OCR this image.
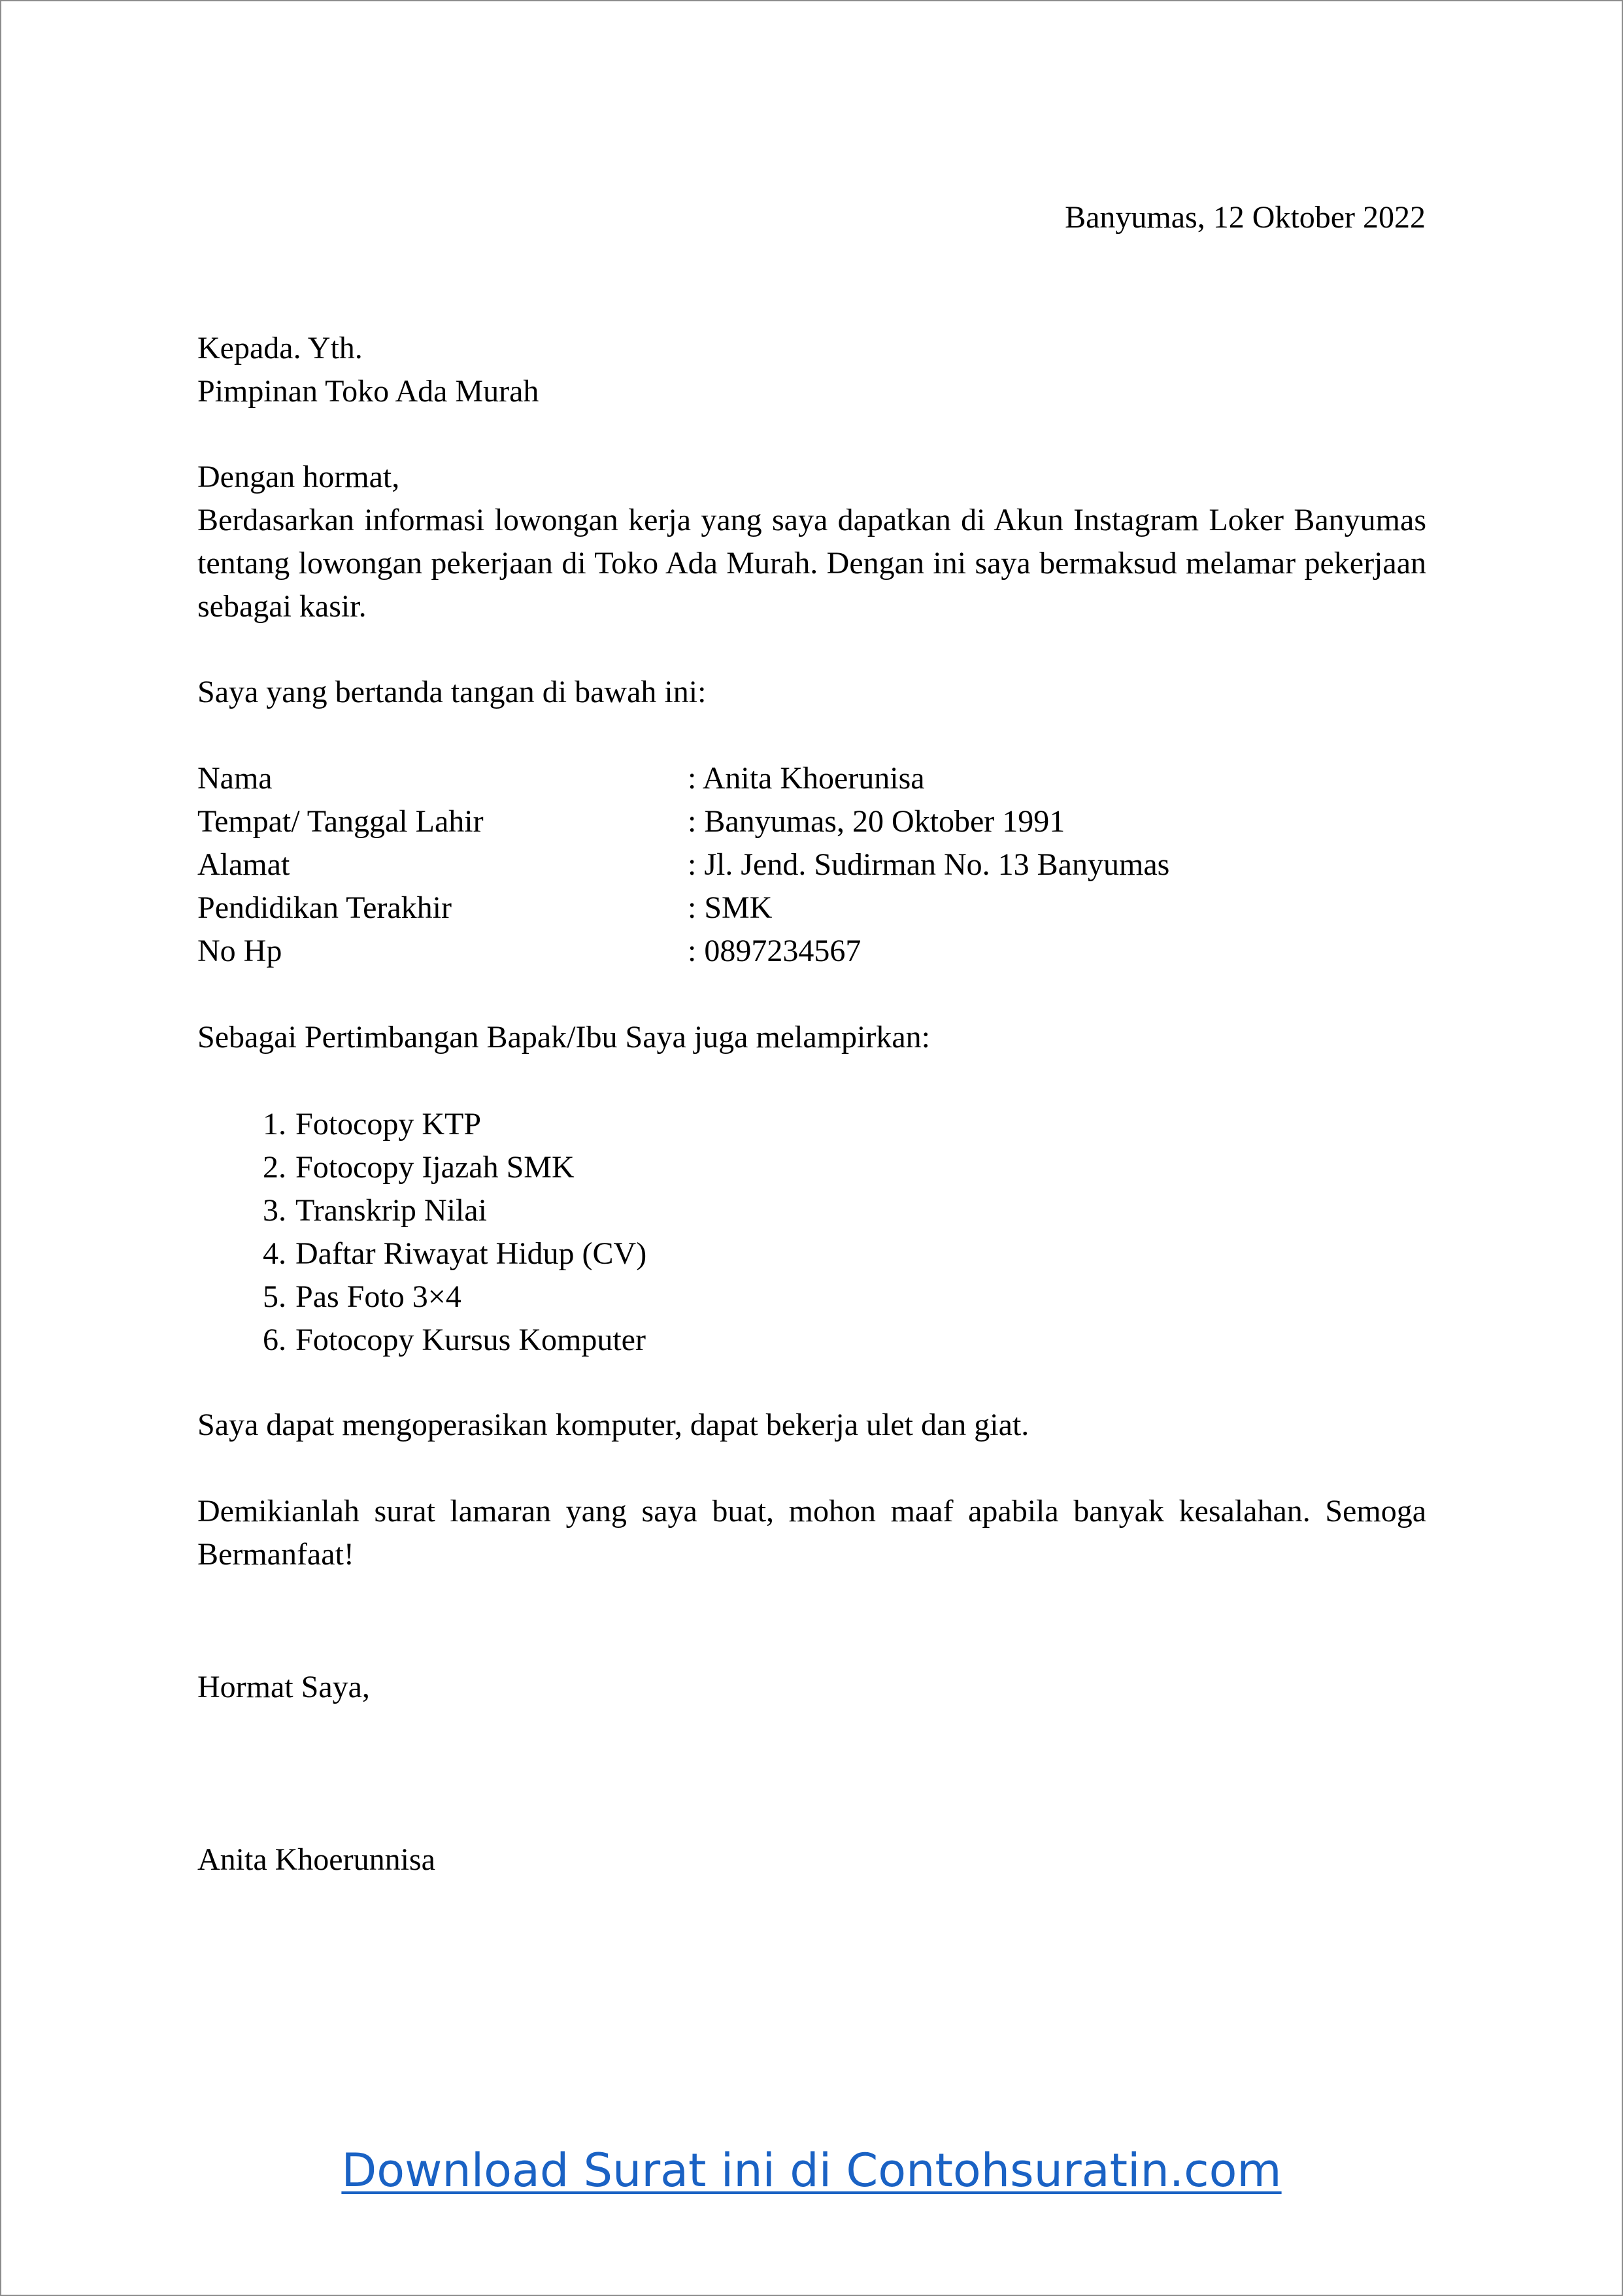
Banyumas, 12 Oktober 2022

Kepada. Yth.
Pimpinan Toko Ada Murah

Dengan hormat,

Berdasarkan informasi lowongan kerja yang saya dapatkan di Akun Instagram Loker Banyumas tentang lowongan pekerjaan di Toko Ada Murah. Dengan ini saya bermaksud melamar pekerjaan sebagai kasir.

Saya yang bertanda tangan di bawah ini:

Nama	: Anita Khoerunisa
Tempat/ Tanggal Lahir	: Banyumas, 20 Oktober 1991
Alamat	: Jl. Jend. Sudirman No. 13 Banyumas
Pendidikan Terakhir	: SMK
No Hp	: 0897234567

Sebagai Pertimbangan Bapak/Ibu Saya juga melampirkan:

1. Fotocopy KTP
2. Fotocopy Ijazah SMK
3. Transkrip Nilai
4. Daftar Riwayat Hidup (CV)
5. Pas Foto 3×4
6. Fotocopy Kursus Komputer

Saya dapat mengoperasikan komputer, dapat bekerja ulet dan giat.

Demikianlah surat lamaran yang saya buat, mohon maaf apabila banyak kesalahan. Semoga Bermanfaat!

Hormat Saya,

Anita Khoerunnisa

Download Surat ini di Contohsuratin.com
